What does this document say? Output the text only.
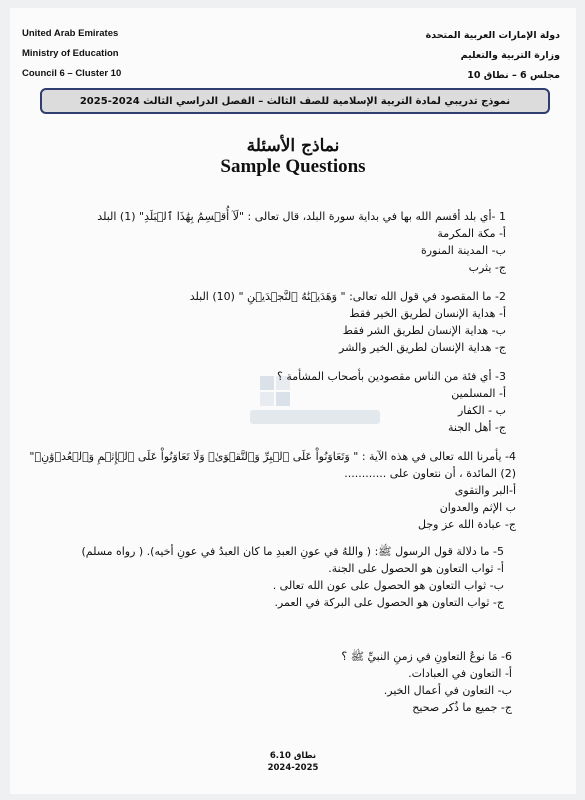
United Arab Emirates
Ministry of Education
Council 6 – Cluster 10
دولة الإمارات العربية المتحدة
وزارة التربية والتعليم
مجلس 6 – نطاق 10
نموذج تدريبي لمادة التربية الإسلامية للصف الثالث – الفصل الدراسي الثالث 2024-2025
نماذج الأسئلة
Sample Questions
1 -أي بلد أقسم الله بها في بداية سورة البلد، قال تعالى : "لَآ أُقۡسِمُ بِهَٰذَا ٱلۡبَلَدِ" (1) البلد
أ- مكة المكرمة
ب- المدينة المنورة
ج- يثرب
2- ما المقصود في قول الله تعالى: " وَهَدَيۡنَٰهُ ٱلنَّجۡدَيۡنِ " (10) البلد
أ- هداية الإنسان لطريق الخير فقط
ب- هداية الإنسان لطريق الشر فقط
ج- هداية الإنسان لطريق الخير والشر
3- أي فئة من الناس مقصودين بأصحاب المشأمة ؟
أ- المسلمين
ب - الكفار
ج- أهل الجنة
4- يأمرنا الله تعالى في هذه الآية : " وَتَعَاوَنُواْ عَلَى ٱلۡبِرِّ وَٱلتَّقۡوَىٰۖ وَلَا تَعَاوَنُواْ عَلَى ٱلۡإِثۡمِ وَٱلۡعُدۡوَٰنِۚ"
(2) المائدة ، أن نتعاون على ............
أ-البر والتقوى
ب الإثم والعدوان
ج- عبادة الله عز وجل
5- ما دلالة قول الرسول ﷺ: ( واللهُ في عونِ العبدِ ما كان العبدُ في عونِ أخيه). ( رواه مسلم)
أ- ثواب التعاون هو الحصول على الجنة.
ب- ثواب التعاون هو الحصول على عون الله تعالى .
ج- ثواب التعاون هو الحصول على البركة في العمر.
6- مَا نوعُ التعاونِ في زمنِ النبيِّ ﷺ ؟
أ- التعاون في العبادات.
ب- التعاون في أعمال الخير.
ج- جميع ما ذُكر صحيح
نطاق 6.10
2024-2025
